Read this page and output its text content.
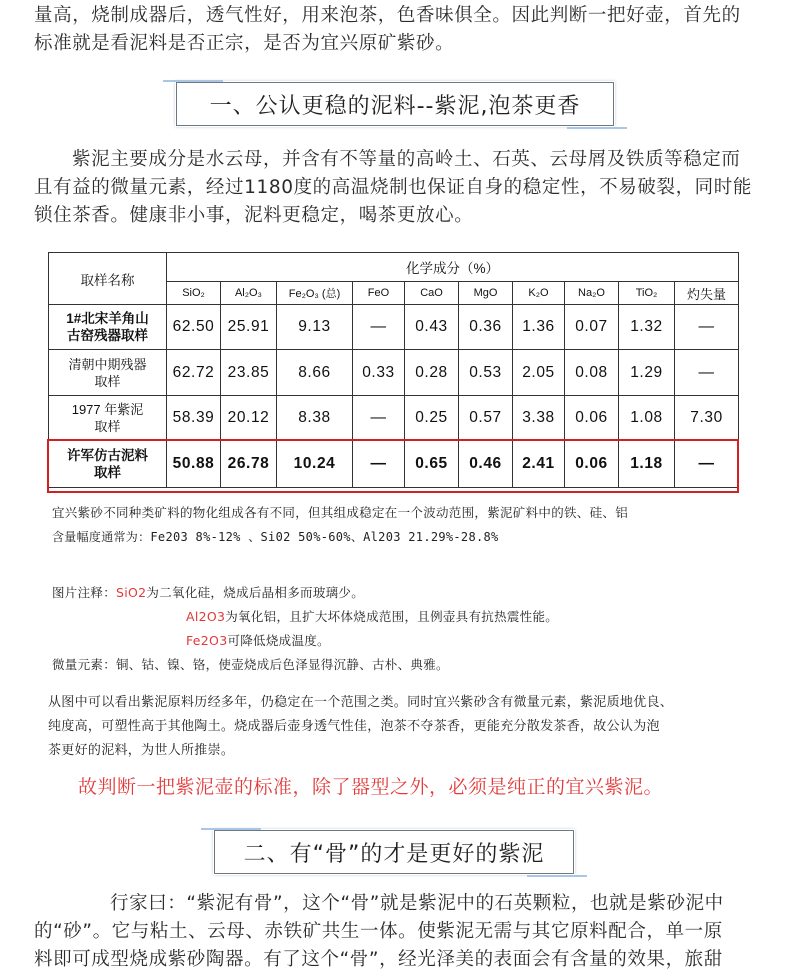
量高，烧制成器后，透气性好，用来泡茶，色香味俱全。因此判断一把好壶，首先的

标准就是看泥料是否正宗，是否为宜兴原矿紫砂。

一、公认更稳的泥料--紫泥,泡茶更香

紫泥主要成分是水云母，并含有不等量的高岭土、石英、云母屑及铁质等稳定而

且有益的微量元素，经过1180度的高温烧制也保证自身的稳定性，不易破裂，同时能

锁住茶香。健康非小事，泥料更稳定，喝茶更放心。

取样名称	化学成分（%）									
	SiO₂	Al₂O₃	Fe₂O₃ (总)	FeO	CaO	MgO	K₂O	Na₂O	TiO₂	灼失量

1#北宋羊角山
古窑残器取样	62.50	25.91	9.13	—	0.43	0.36	1.36	0.07	1.32	—

清朝中期残器
取样	62.72	23.85	8.66	0.33	0.28	0.53	2.05	0.08	1.29	—

1977 年紫泥
取样	58.39	20.12	8.38	—	0.25	0.57	3.38	0.06	1.08	7.30

许军仿古泥料
取样	50.88	26.78	10.24	—	0.65	0.46	2.41	0.06	1.18	—

宜兴紫砂不同种类矿料的物化组成各有不同，但其组成稳定在一个波动范围，紫泥矿料中的铁、硅、铝

含量幅度通常为：Fe203 8%-12% 、Si02 50%-60%、Al203 21.29%-28.8%

图片注释：SiO2为二氧化硅，烧成后晶相多而玻璃少。

Al2O3为氧化铝，且扩大坏体烧成范围，且例壶具有抗热震性能。

Fe2O3可降低烧成温度。

微量元素：铜、钴、镍、铬，使壶烧成后色泽显得沉静、古朴、典雅。

从图中可以看出紫泥原料历经多年，仍稳定在一个范围之类。同时宜兴紫砂含有微量元素，紫泥质地优良、

纯度高，可塑性高于其他陶土。烧成器后壶身透气性佳，泡茶不夺茶香，更能充分散发茶香，故公认为泡

茶更好的泥料，为世人所推崇。

故判断一把紫泥壶的标准，除了器型之外，必须是纯正的宜兴紫泥。

二、有“骨”的才是更好的紫泥

行家曰：“紫泥有骨”，这个“骨”就是紫泥中的石英颗粒，也就是紫砂泥中

的“砂”。它与粘土、云母、赤铁矿共生一体。使紫泥无需与其它原料配合，单一原

料即可成型烧成紫砂陶器。有了这个“骨”，经光泽美的表面会有含量的效果，旅甜
